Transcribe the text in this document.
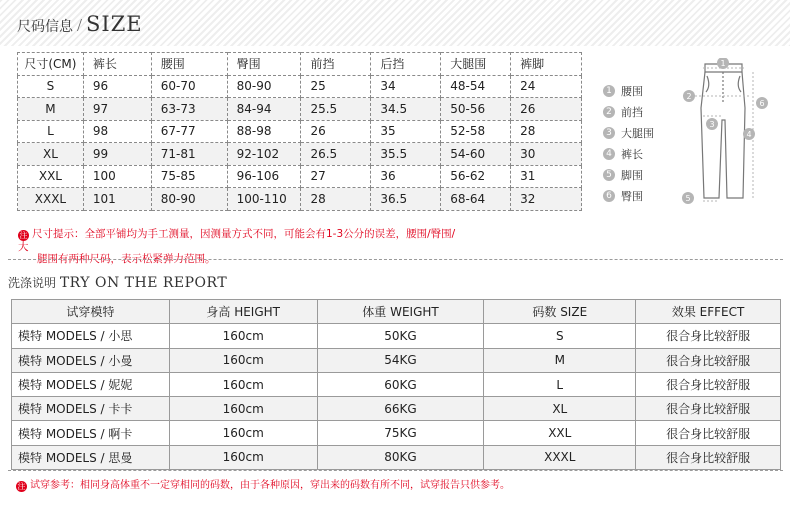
尺码信息 / SIZE
尺寸(CM)	裤长	腰围	臀围	前挡	后挡	大腿围	裤脚
S	96	60-70	80-90	25	34	48-54	24
M	97	63-73	84-94	25.5	34.5	50-56	26
L	98	67-77	88-98	26	35	52-58	28
XL	99	71-81	92-102	26.5	35.5	54-60	30
XXL	100	75-85	96-106	27	36	56-62	31
XXXL	101	80-90	100-110	28	36.5	68-64	32
1 腰围
2 前挡
3 大腿围
4 裤长
5 脚围
6 臀围
1
2
3
4
5
6
注 尺寸提示：全部平铺均为手工测量，因测量方式不同，可能会有1-3公分的误差，腰围/臀围/大
腿围有两种尺码，表示松紧弹力范围。
洗涤说明 TRY ON THE REPORT
试穿模特	身高 HEIGHT	体重 WEIGHT	码数 SIZE	效果 EFFECT
模特 MODELS / 小思	160cm	50KG	S	很合身比较舒服
模特 MODELS / 小曼	160cm	54KG	M	很合身比较舒服
模特 MODELS / 妮妮	160cm	60KG	L	很合身比较舒服
模特 MODELS / 卡卡	160cm	66KG	XL	很合身比较舒服
模特 MODELS / 啊卡	160cm	75KG	XXL	很合身比较舒服
模特 MODELS / 思曼	160cm	80KG	XXXL	很合身比较舒服
注 试穿参考：相同身高体重不一定穿相同的码数，由于各种原因，穿出来的码数有所不同，试穿报告只供参考。
